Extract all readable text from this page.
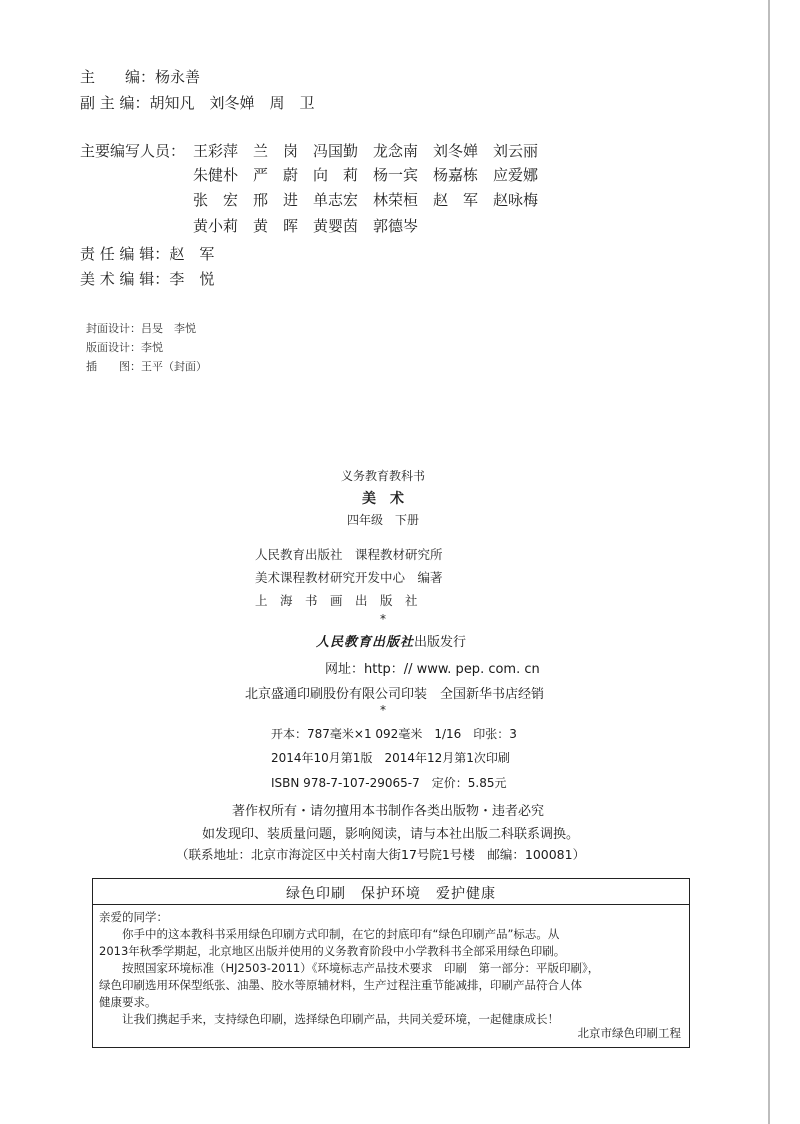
主　　编：杨永善
副 主 编：胡知凡　刘冬婵　周　卫
主要编写人员： 王彩萍　兰　岗　冯国勤　龙念南　刘冬婵　刘云丽
朱健朴　严　蔚　向　莉　杨一宾　杨嘉栋　应爱娜
张　宏　邢　进　单志宏　林荣桓　赵　军　赵咏梅
黄小莉　黄　晖　黄婴茵　郭德岑
责 任 编 辑：赵　军
美 术 编 辑：李　悦
封面设计：吕旻　李悦
版面设计：李悦
插　　图：王平（封面）
义务教育教科书
美　术
四年级　下册
人民教育出版社　课程教材研究所
美术课程教材研究开发中心　编著
上　海　书　画　出　版　社
*
人民教育出版社出版发行
网址：http：// www. pep. com. cn
北京盛通印刷股份有限公司印装　全国新华书店经销
*
开本：787毫米×1 092毫米　1/16　印张：3
2014年10月第1版　2014年12月第1次印刷
ISBN 978-7-107-29065-7　定价：5.85元
著作权所有・请勿擅用本书制作各类出版物・违者必究
如发现印、装质量问题，影响阅读，请与本社出版二科联系调换。
（联系地址：北京市海淀区中关村南大街17号院1号楼　邮编：100081）
绿色印刷　保护环境　爱护健康

亲爱的同学：

你手中的这本教科书采用绿色印刷方式印制，在它的封底印有“绿色印刷产品”标志。从

2013年秋季学期起，北京地区出版并使用的义务教育阶段中小学教科书全部采用绿色印刷。

按照国家环境标准（HJ2503-2011）《环境标志产品技术要求　印刷　第一部分：平版印刷》，

绿色印刷选用环保型纸张、油墨、胶水等原辅材料，生产过程注重节能减排，印刷产品符合人体

健康要求。

让我们携起手来，支持绿色印刷，选择绿色印刷产品，共同关爱环境，一起健康成长！

北京市绿色印刷工程
